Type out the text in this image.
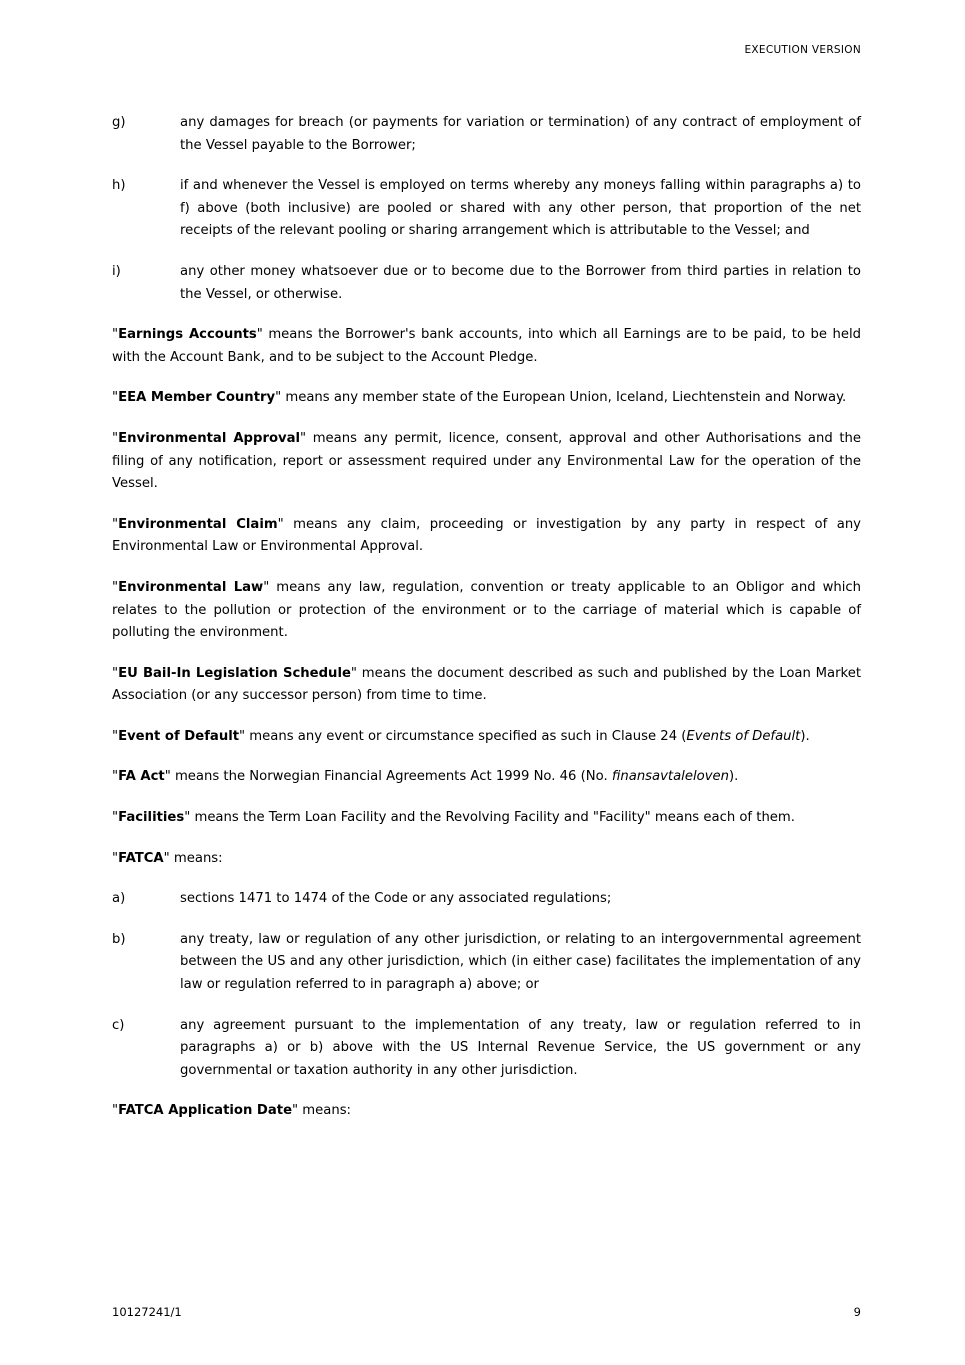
EXECUTION VERSION
g)	any damages for breach (or payments for variation or termination) of any contract of employment of the Vessel payable to the Borrower;
h)	if and whenever the Vessel is employed on terms whereby any moneys falling within paragraphs a) to f) above (both inclusive) are pooled or shared with any other person, that proportion of the net receipts of the relevant pooling or sharing arrangement which is attributable to the Vessel; and
i)	any other money whatsoever due or to become due to the Borrower from third parties in relation to the Vessel, or otherwise.

"Earnings Accounts" means the Borrower's bank accounts, into which all Earnings are to be paid, to be held with the Account Bank, and to be subject to the Account Pledge.

"EEA Member Country" means any member state of the European Union, Iceland, Liechtenstein and Norway.

"Environmental Approval" means any permit, licence, consent, approval and other Authorisations and the filing of any notification, report or assessment required under any Environmental Law for the operation of the Vessel.

"Environmental Claim" means any claim, proceeding or investigation by any party in respect of any Environmental Law or Environmental Approval.

"Environmental Law" means any law, regulation, convention or treaty applicable to an Obligor and which relates to the pollution or protection of the environment or to the carriage of material which is capable of polluting the environment.

"EU Bail-In Legislation Schedule" means the document described as such and published by the Loan Market Association (or any successor person) from time to time.

"Event of Default" means any event or circumstance specified as such in Clause 24 (Events of Default).

"FA Act" means the Norwegian Financial Agreements Act 1999 No. 46 (No. finansavtaleloven).

"Facilities" means the Term Loan Facility and the Revolving Facility and "Facility" means each of them.

"FATCA" means:

a)	sections 1471 to 1474 of the Code or any associated regulations;
b)	any treaty, law or regulation of any other jurisdiction, or relating to an intergovernmental agreement between the US and any other jurisdiction, which (in either case) facilitates the implementation of any law or regulation referred to in paragraph a) above; or
c)	any agreement pursuant to the implementation of any treaty, law or regulation referred to in paragraphs a) or b) above with the US Internal Revenue Service, the US government or any governmental or taxation authority in any other jurisdiction.

"FATCA Application Date" means:

10127241/1	9
